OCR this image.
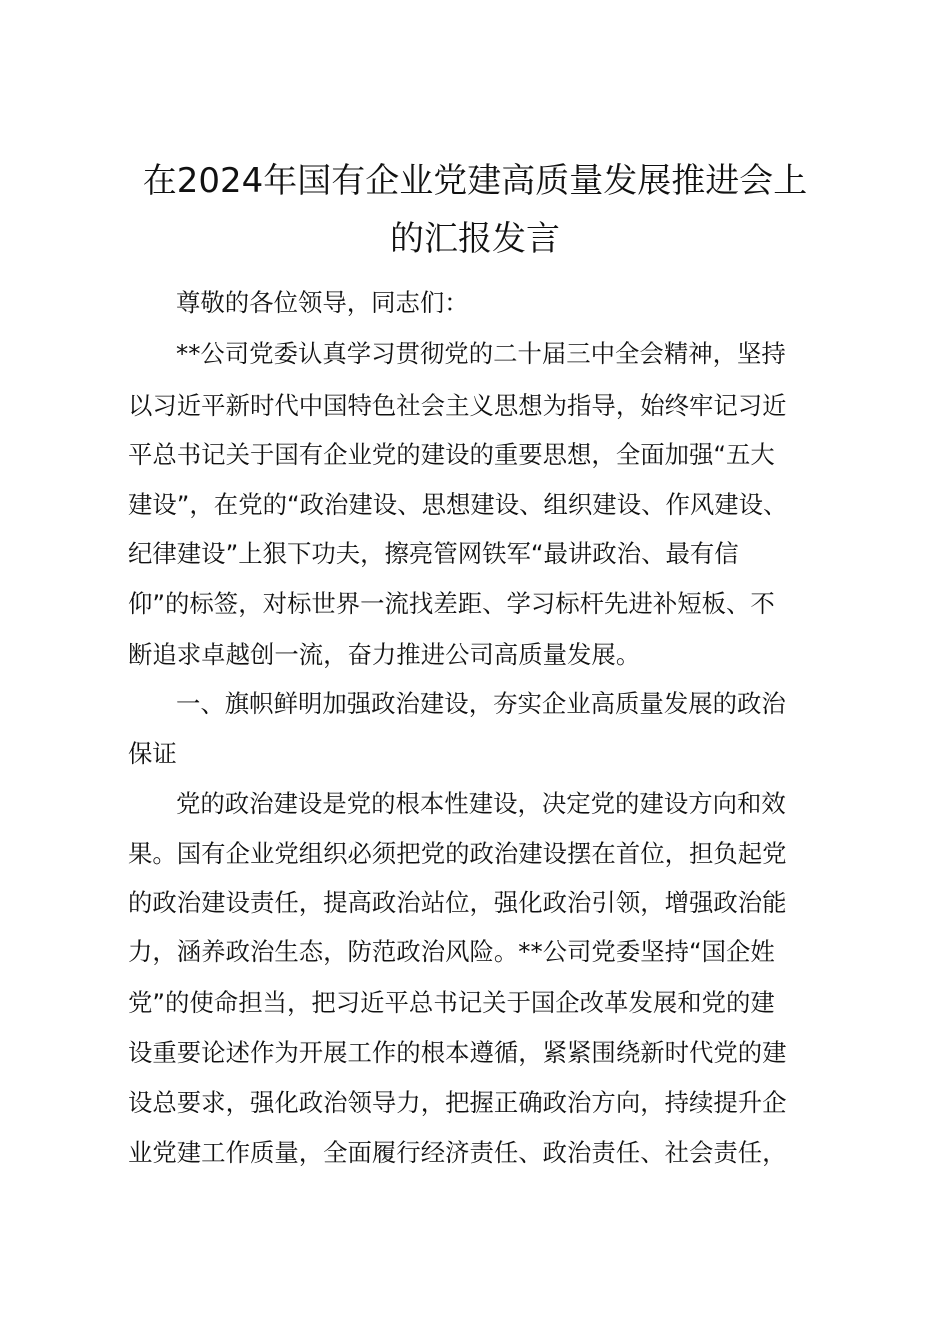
在2024年国有企业党建高质量发展推进会上
的汇报发言
尊敬的各位领导，同志们：
**公司党委认真学习贯彻党的二十届三中全会精神，坚持
以习近平新时代中国特色社会主义思想为指导，始终牢记习近
平总书记关于国有企业党的建设的重要思想，全面加强“五大
建设”，在党的“政治建设、思想建设、组织建设、作风建设、
纪律建设”上狠下功夫，擦亮管网铁军“最讲政治、最有信
仰”的标签，对标世界一流找差距、学习标杆先进补短板、不
断追求卓越创一流，奋力推进公司高质量发展。
一、旗帜鲜明加强政治建设，夯实企业高质量发展的政治
保证
党的政治建设是党的根本性建设，决定党的建设方向和效
果。国有企业党组织必须把党的政治建设摆在首位，担负起党
的政治建设责任，提高政治站位，强化政治引领，增强政治能
力，涵养政治生态，防范政治风险。**公司党委坚持“国企姓
党”的使命担当，把习近平总书记关于国企改革发展和党的建
设重要论述作为开展工作的根本遵循，紧紧围绕新时代党的建
设总要求，强化政治领导力，把握正确政治方向，持续提升企
业党建工作质量，全面履行经济责任、政治责任、社会责任，
